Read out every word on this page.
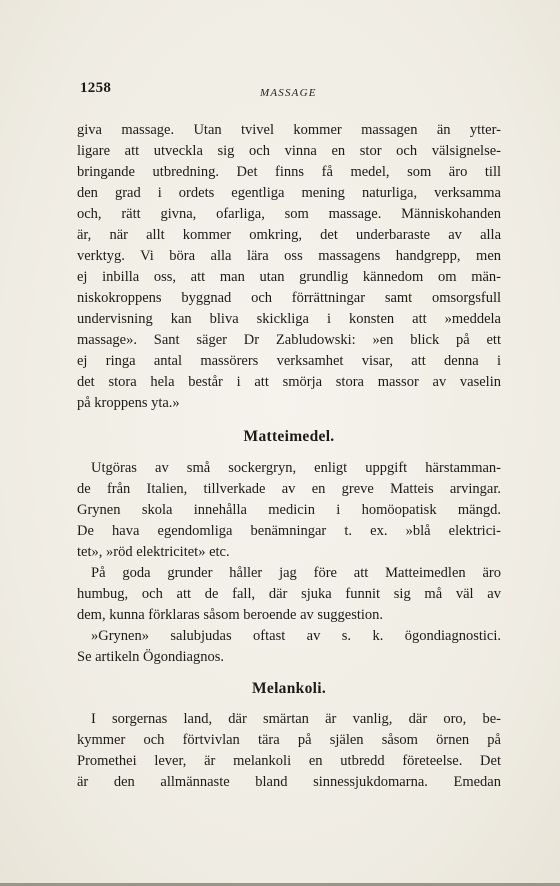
1258	MASSAGE
giva massage. Utan tvivel kommer massagen än ytter-
ligare att utveckla sig och vinna en stor och välsignelse-
bringande utbredning. Det finns få medel, som äro till
den grad i ordets egentliga mening naturliga, verksamma
och, rätt givna, ofarliga, som massage. Människohanden
är, när allt kommer omkring, det underbaraste av alla
verktyg. Vi böra alla lära oss massagens handgrepp, men
ej inbilla oss, att man utan grundlig kännedom om män-
niskokroppens byggnad och förrättningar samt omsorgsfull
undervisning kan bliva skickliga i konsten att »meddela
massage». Sant säger Dr Zabludowski: »en blick på ett
ej ringa antal massörers verksamhet visar, att denna i
det stora hela består i att smörja stora massor av vaselin
på kroppens yta.»
Matteimedel.
Utgöras av små sockergryn, enligt uppgift härstamman-
de från Italien, tillverkade av en greve Matteis arvingar.
Grynen skola innehålla medicin i homöopatisk mängd.
De hava egendomliga benämningar t. ex. »blå elektrici-
tet», »röd elektricitet» etc.
På goda grunder håller jag före att Matteimedlen äro
humbug, och att de fall, där sjuka funnit sig må väl av
dem, kunna förklaras såsom beroende av suggestion.
»Grynen» salubjudas oftast av s. k. ögondiagnostici.
Se artikeln Ögondiagnos.
Melankoli.
I sorgernas land, där smärtan är vanlig, där oro, be-
kymmer och förtvivlan tära på själen såsom örnen på
Promethei lever, är melankoli en utbredd företeelse. Det
är den allmännaste bland sinnessjukdomarna. Emedan
